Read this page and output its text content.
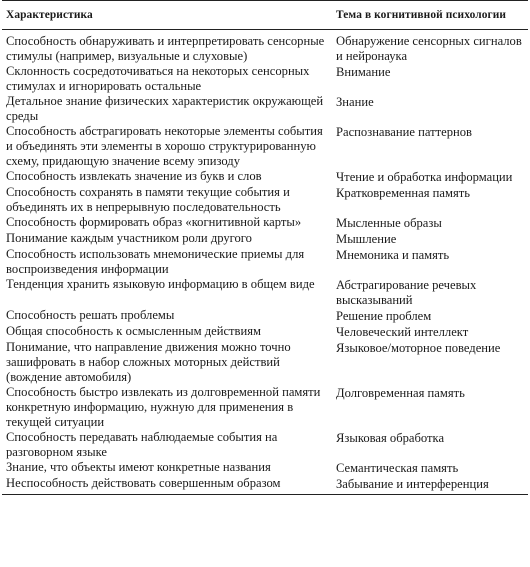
Характеристика	Тема в когнитивной психологии
Способность обнаруживать и интерпретировать сенсорные стимулы (например, визуальные и слуховые)	Обнаружение сенсорных сигналов и нейронаука
Склонность сосредоточиваться на некоторых сенсорных стимулах и игнорировать остальные	Внимание
Детальное знание физических характеристик окружающей среды	Знание
Способность абстрагировать некоторые элементы события и объединять эти элементы в хорошо структурированную схему, придающую значение всему эпизоду	Распознавание паттернов
Способность извлекать значение из букв и слов	Чтение и обработка информации
Способность сохранять в памяти текущие события и объединять их в непрерывную последовательность	Кратковременная память
Способность формировать образ «когнитивной карты»	Мысленные образы
Понимание каждым участником роли другого	Мышление
Способность использовать мнемонические приемы для воспроизведения информации	Мнемоника и память
Тенденция хранить языковую информацию в общем виде	Абстрагирование речевых высказываний
Способность решать проблемы	Решение проблем
Общая способность к осмысленным действиям	Человеческий интеллект
Понимание, что направление движения можно точно зашифровать в набор сложных моторных действий (вождение автомобиля)	Языковое/моторное поведение
Способность быстро извлекать из долговременной памяти конкретную информацию, нужную для применения в текущей ситуации	Долговременная память
Способность передавать наблюдаемые события на разговорном языке	Языковая обработка
Знание, что объекты имеют конкретные названия	Семантическая память
Неспособность действовать совершенным образом	Забывание и интерференция
